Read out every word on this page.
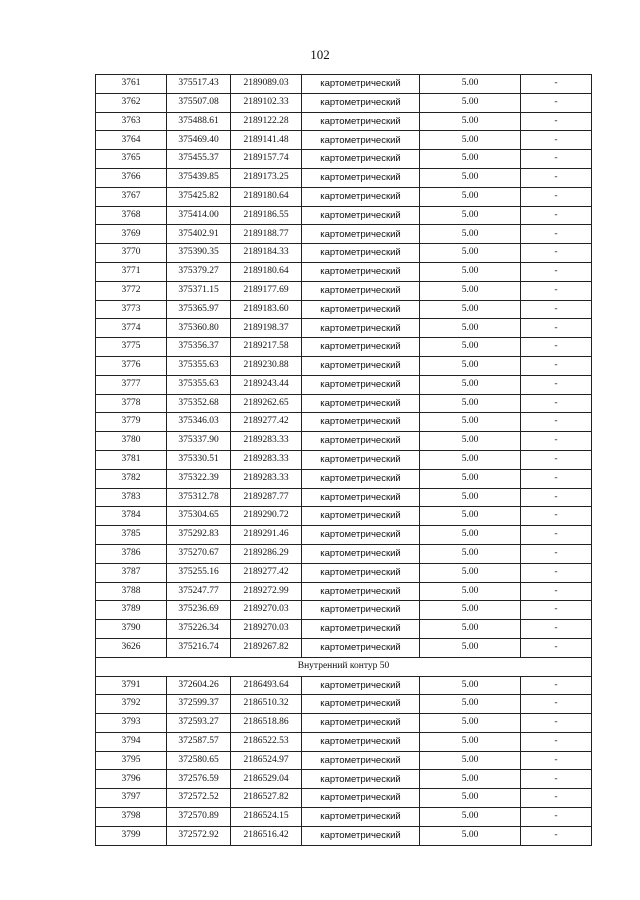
102
3761	375517.43	2189089.03	картометрический	5.00	-
3762	375507.08	2189102.33	картометрический	5.00	-
3763	375488.61	2189122.28	картометрический	5.00	-
3764	375469.40	2189141.48	картометрический	5.00	-
3765	375455.37	2189157.74	картометрический	5.00	-
3766	375439.85	2189173.25	картометрический	5.00	-
3767	375425.82	2189180.64	картометрический	5.00	-
3768	375414.00	2189186.55	картометрический	5.00	-
3769	375402.91	2189188.77	картометрический	5.00	-
3770	375390.35	2189184.33	картометрический	5.00	-
3771	375379.27	2189180.64	картометрический	5.00	-
3772	375371.15	2189177.69	картометрический	5.00	-
3773	375365.97	2189183.60	картометрический	5.00	-
3774	375360.80	2189198.37	картометрический	5.00	-
3775	375356.37	2189217.58	картометрический	5.00	-
3776	375355.63	2189230.88	картометрический	5.00	-
3777	375355.63	2189243.44	картометрический	5.00	-
3778	375352.68	2189262.65	картометрический	5.00	-
3779	375346.03	2189277.42	картометрический	5.00	-
3780	375337.90	2189283.33	картометрический	5.00	-
3781	375330.51	2189283.33	картометрический	5.00	-
3782	375322.39	2189283.33	картометрический	5.00	-
3783	375312.78	2189287.77	картометрический	5.00	-
3784	375304.65	2189290.72	картометрический	5.00	-
3785	375292.83	2189291.46	картометрический	5.00	-
3786	375270.67	2189286.29	картометрический	5.00	-
3787	375255.16	2189277.42	картометрический	5.00	-
3788	375247.77	2189272.99	картометрический	5.00	-
3789	375236.69	2189270.03	картометрический	5.00	-
3790	375226.34	2189270.03	картометрический	5.00	-
3626	375216.74	2189267.82	картометрический	5.00	-
Внутренний контур 50					
3791	372604.26	2186493.64	картометрический	5.00	-
3792	372599.37	2186510.32	картометрический	5.00	-
3793	372593.27	2186518.86	картометрический	5.00	-
3794	372587.57	2186522.53	картометрический	5.00	-
3795	372580.65	2186524.97	картометрический	5.00	-
3796	372576.59	2186529.04	картометрический	5.00	-
3797	372572.52	2186527.82	картометрический	5.00	-
3798	372570.89	2186524.15	картометрический	5.00	-
3799	372572.92	2186516.42	картометрический	5.00	-
